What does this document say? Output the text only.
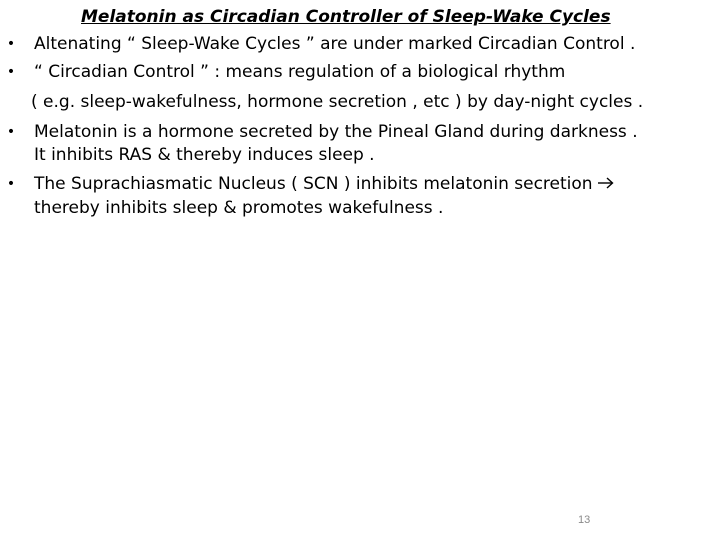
Melatonin as Circadian Controller of Sleep-Wake Cycles
• Altenating “ Sleep-Wake Cycles ” are under marked Circadian Control .
• “ Circadian Control ” : means regulation of a biological rhythm
( e.g. sleep-wakefulness, hormone secretion , etc ) by day-night cycles .
• Melatonin is a hormone secreted by the Pineal Gland during darkness .
It inhibits RAS & thereby induces sleep .
• The Suprachiasmatic Nucleus ( SCN ) inhibits melatonin secretion
thereby inhibits sleep & promotes wakefulness .
13
